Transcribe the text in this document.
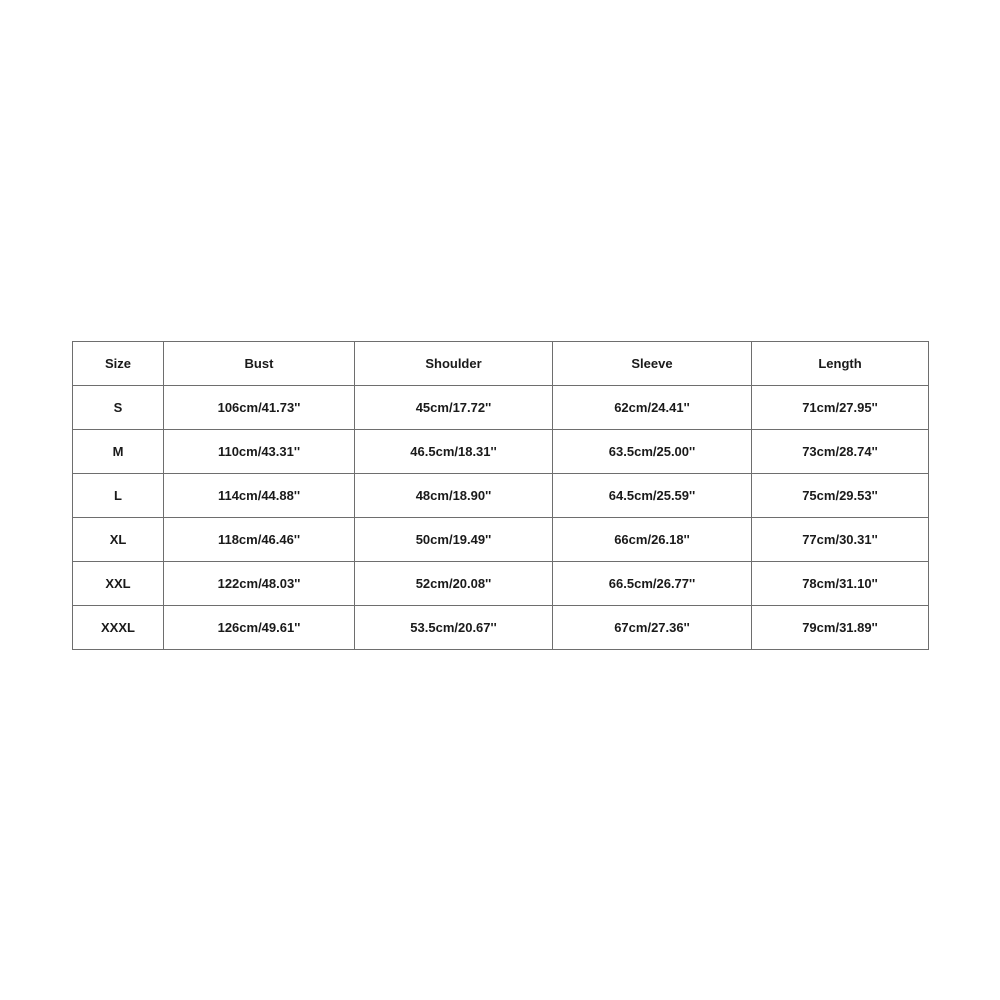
Size	Bust	Shoulder	Sleeve	Length
S	106cm/41.73''	45cm/17.72''	62cm/24.41''	71cm/27.95''
M	110cm/43.31''	46.5cm/18.31''	63.5cm/25.00''	73cm/28.74''
L	114cm/44.88''	48cm/18.90''	64.5cm/25.59''	75cm/29.53''
XL	118cm/46.46''	50cm/19.49''	66cm/26.18''	77cm/30.31''
XXL	122cm/48.03''	52cm/20.08''	66.5cm/26.77''	78cm/31.10''
XXXL	126cm/49.61''	53.5cm/20.67''	67cm/27.36''	79cm/31.89''
